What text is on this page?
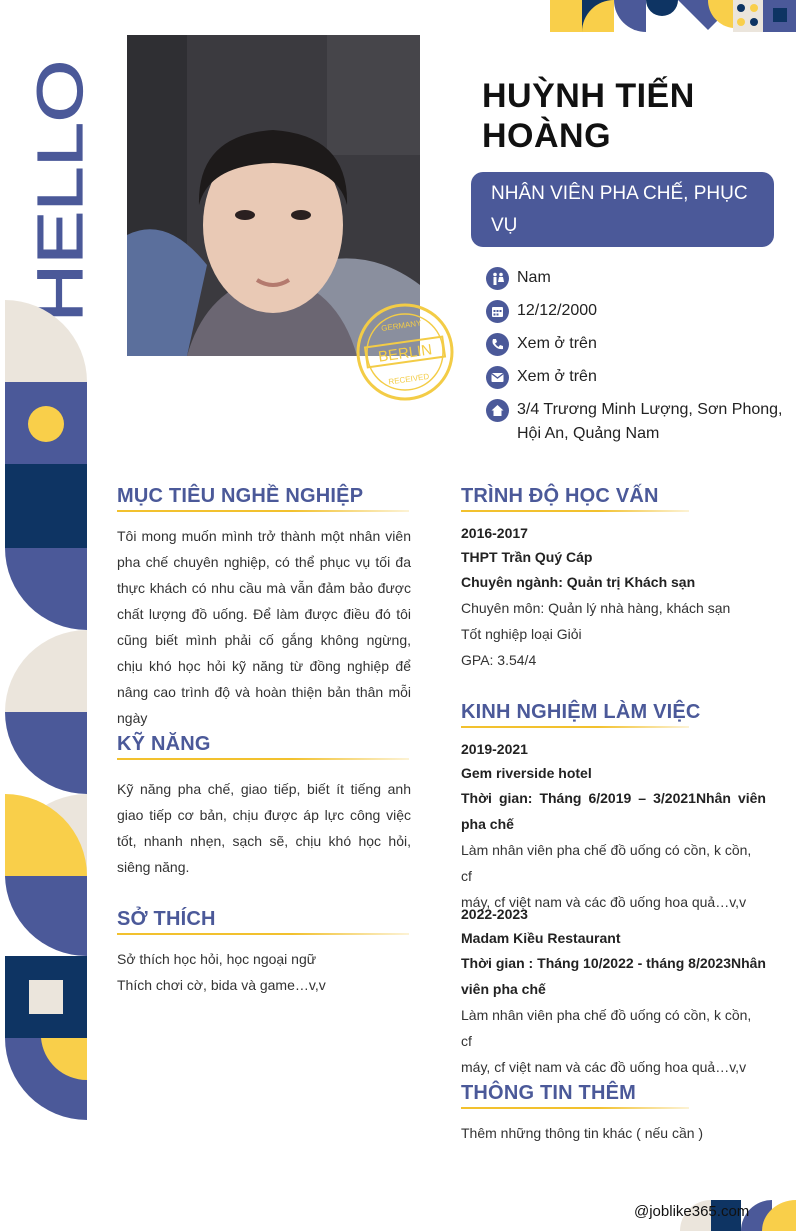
HELLO
BERLIN
GERMANY
RECEIVED
HUỲNH TIẾN
HOÀNG
NHÂN VIÊN PHA CHẾ, PHỤC VỤ
Nam
12/12/2000
Xem ở trên
Xem ở trên
3/4 Trương Minh Lượng, Sơn Phong,
Hội An, Quảng Nam
MỤC TIÊU NGHỀ NGHIỆP
Tôi mong muốn mình trở thành một nhân viên pha chế chuyên nghiệp, có thể phục vụ tối đa thực khách có nhu cầu mà vẫn đảm bảo được chất lượng đồ uống. Để làm được điều đó tôi cũng biết mình phải cố gắng không ngừng, chịu khó học hỏi kỹ năng từ đồng nghiệp để nâng cao trình độ và hoàn thiện bản thân mỗi ngày
KỸ NĂNG
Kỹ năng pha chế, giao tiếp, biết ít tiếng anh giao tiếp cơ bản, chịu được áp lực công việc tốt, nhanh nhẹn, sạch sẽ, chịu khó học hỏi, siêng năng.
SỞ THÍCH
Sở thích học hỏi, học ngoại ngữ
Thích chơi cờ, bida và game…v,v
TRÌNH ĐỘ HỌC VẤN
2016-2017
THPT Trần Quý Cáp
Chuyên ngành: Quản trị Khách sạn
Chuyên môn: Quản lý nhà hàng, khách sạn
Tốt nghiệp loại Giỏi
GPA: 3.54/4
KINH NGHIỆM LÀM VIỆC
2019-2021
Gem riverside hotel
Thời gian: Tháng 6/2019 – 3/2021Nhân viên
pha chế
Làm nhân viên pha chế đồ uống có cồn, k cồn, cf
máy, cf việt nam và các đồ uống hoa quả…v,v
2022-2023
Madam Kiều Restaurant
Thời gian : Tháng 10/2022 - tháng 8/2023Nhân
viên pha chế
Làm nhân viên pha chế đồ uống có cồn, k cồn, cf
máy, cf việt nam và các đồ uống hoa quả…v,v
THÔNG TIN THÊM
Thêm những thông tin khác ( nếu cần )
@joblike365.com
